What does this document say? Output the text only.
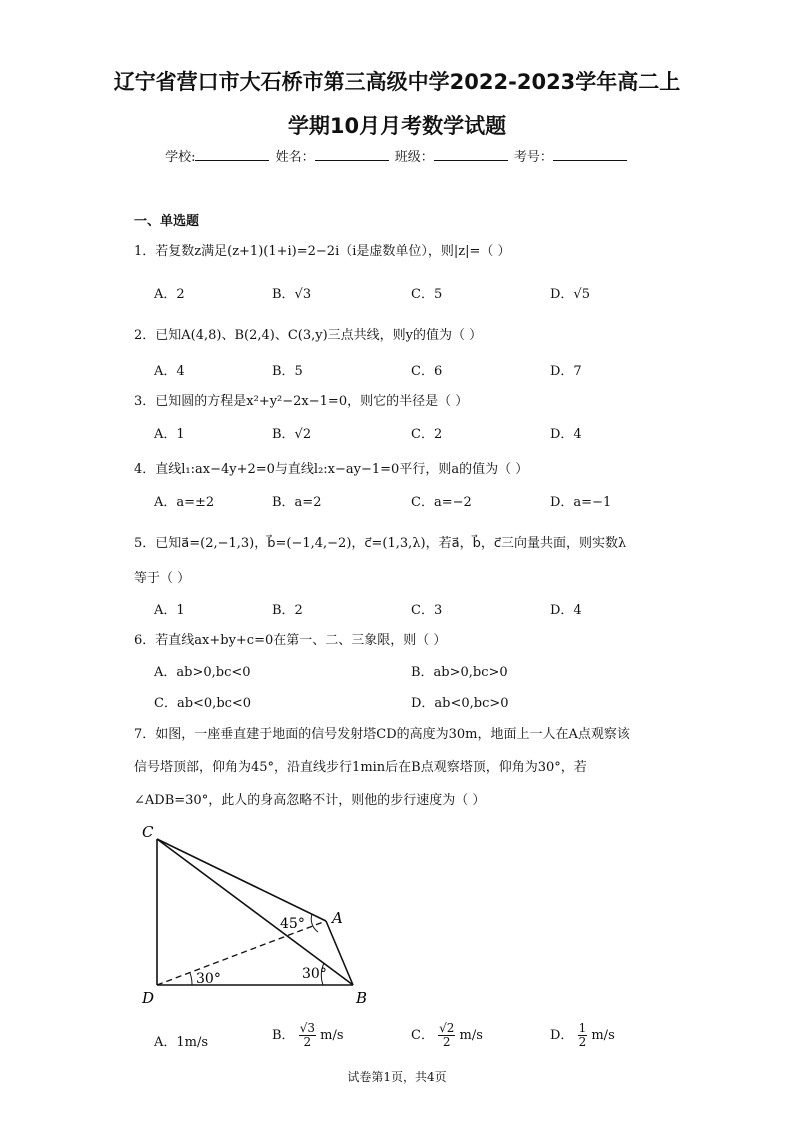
辽宁省营口市大石桥市第三高级中学2022-2023学年高二上
学期10月月考数学试题
学校:	姓名：	班级：	考号：
一、单选题
1．若复数z满足(z+1)(1+i)=2−2i（i是虚数单位），则|z|=（ ）
A．2	B．√3	C．5	D．√5
2．已知A(4,8)、B(2,4)、C(3,y)三点共线，则y的值为（ ）
A．4	B．5	C．6	D．7
3．已知圆的方程是x²+y²−2x−1=0，则它的半径是（ ）
A．1	B．√2	C．2	D．4
4．直线l₁:ax−4y+2=0与直线l₂:x−ay−1=0平行，则a的值为（ ）
A．a=±2	B．a=2	C．a=−2	D．a=−1
5．已知a⃗=(2,−1,3)，b⃗=(−1,4,−2)，c⃗=(1,3,λ)，若a⃗，b⃗，c⃗三向量共面，则实数λ
等于（ ）
A．1	B．2	C．3	D．4
6．若直线ax+by+c=0在第一、二、三象限，则（ ）
A．ab>0,bc<0	B．ab>0,bc>0
C．ab<0,bc<0	D．ab<0,bc>0
7．如图，一座垂直建于地面的信号发射塔CD的高度为30m，地面上一人在A点观察该
信号塔顶部，仰角为45°，沿直线步行1min后在B点观察塔顶，仰角为30°，若
∠ADB=30°，此人的身高忽略不计，则他的步行速度为（ ）
C
A
D	B
45°
30°
30°
A．1m/s	B． $\frac{√3}{2} m/s$	C． $\frac{√2}{2} m/s$	D． $\frac{1}{2} m/s$
试卷第1页，共4页
